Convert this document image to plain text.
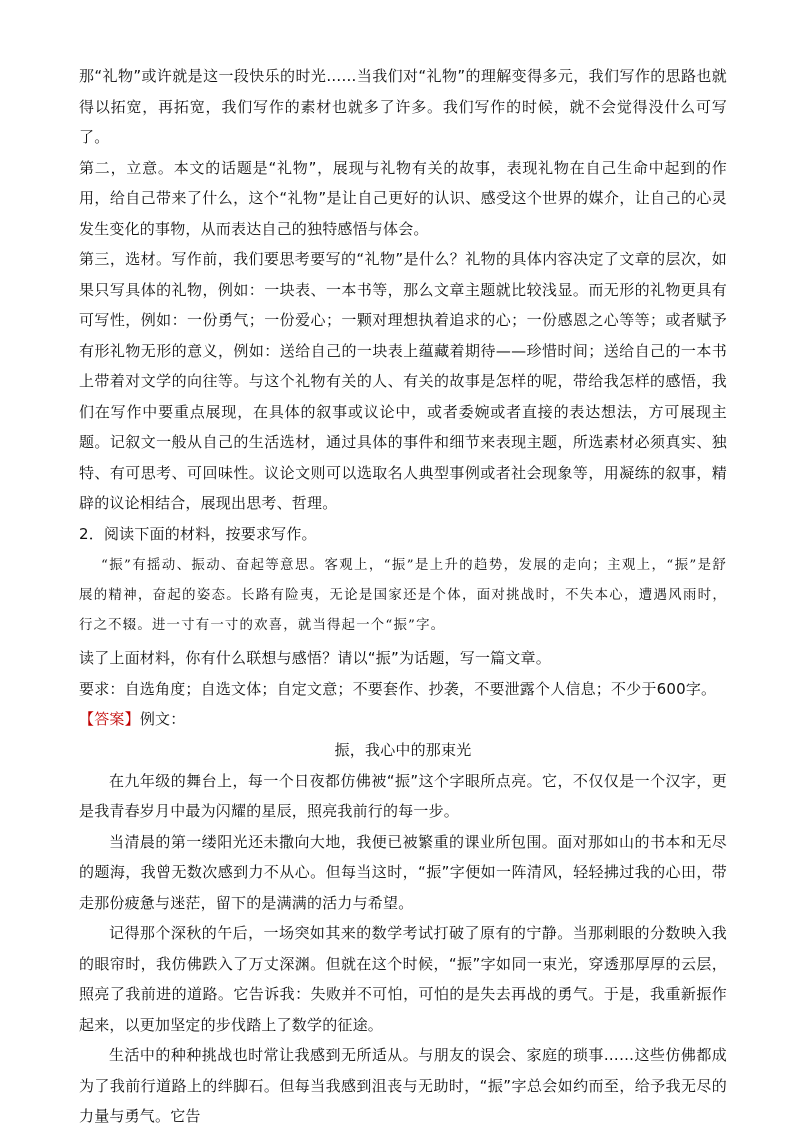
那“礼物”或许就是这一段快乐的时光……当我们对“礼物”的理解变得多元，我们写作的思路也就得以拓宽，再拓宽，我们写作的素材也就多了许多。我们写作的时候，就不会觉得没什么可写了。

第二，立意。本文的话题是“礼物”，展现与礼物有关的故事，表现礼物在自己生命中起到的作用，给自己带来了什么，这个“礼物”是让自己更好的认识、感受这个世界的媒介，让自己的心灵发生变化的事物，从而表达自己的独特感悟与体会。

第三，选材。写作前，我们要思考要写的“礼物”是什么？礼物的具体内容决定了文章的层次，如果只写具体的礼物，例如：一块表、一本书等，那么文章主题就比较浅显。而无形的礼物更具有可写性，例如：一份勇气；一份爱心；一颗对理想执着追求的心；一份感恩之心等等；或者赋予有形礼物无形的意义，例如：送给自己的一块表上蕴藏着期待——珍惜时间；送给自己的一本书上带着对文学的向往等。与这个礼物有关的人、有关的故事是怎样的呢，带给我怎样的感悟，我们在写作中要重点展现，在具体的叙事或议论中，或者委婉或者直接的表达想法，方可展现主题。记叙文一般从自己的生活选材，通过具体的事件和细节来表现主题，所选素材必须真实、独特、有可思考、可回味性。议论文则可以选取名人典型事例或者社会现象等，用凝练的叙事，精辟的议论相结合，展现出思考、哲理。

2．阅读下面的材料，按要求写作。

“振”有摇动、振动、奋起等意思。客观上，“振”是上升的趋势，发展的走向；主观上，“振”是舒展的精神，奋起的姿态。长路有险夷，无论是国家还是个体，面对挑战时，不失本心，遭遇风雨时，行之不辍。进一寸有一寸的欢喜，就当得起一个“振”字。

读了上面材料，你有什么联想与感悟？请以“振”为话题，写一篇文章。

要求：自选角度；自选文体；自定文意；不要套作、抄袭，不要泄露个人信息；不少于600字。

【答案】例文：

振，我心中的那束光

在九年级的舞台上，每一个日夜都仿佛被“振”这个字眼所点亮。它，不仅仅是一个汉字，更是我青春岁月中最为闪耀的星辰，照亮我前行的每一步。

当清晨的第一缕阳光还未撒向大地，我便已被繁重的课业所包围。面对那如山的书本和无尽的题海，我曾无数次感到力不从心。但每当这时，“振”字便如一阵清风，轻轻拂过我的心田，带走那份疲惫与迷茫，留下的是满满的活力与希望。

记得那个深秋的午后，一场突如其来的数学考试打破了原有的宁静。当那刺眼的分数映入我的眼帘时，我仿佛跌入了万丈深渊。但就在这个时候，“振”字如同一束光，穿透那厚厚的云层，照亮了我前进的道路。它告诉我：失败并不可怕，可怕的是失去再战的勇气。于是，我重新振作起来，以更加坚定的步伐踏上了数学的征途。

生活中的种种挑战也时常让我感到无所适从。与朋友的误会、家庭的琐事……这些仿佛都成为了我前行道路上的绊脚石。但每当我感到沮丧与无助时，“振”字总会如约而至，给予我无尽的力量与勇气。它告
